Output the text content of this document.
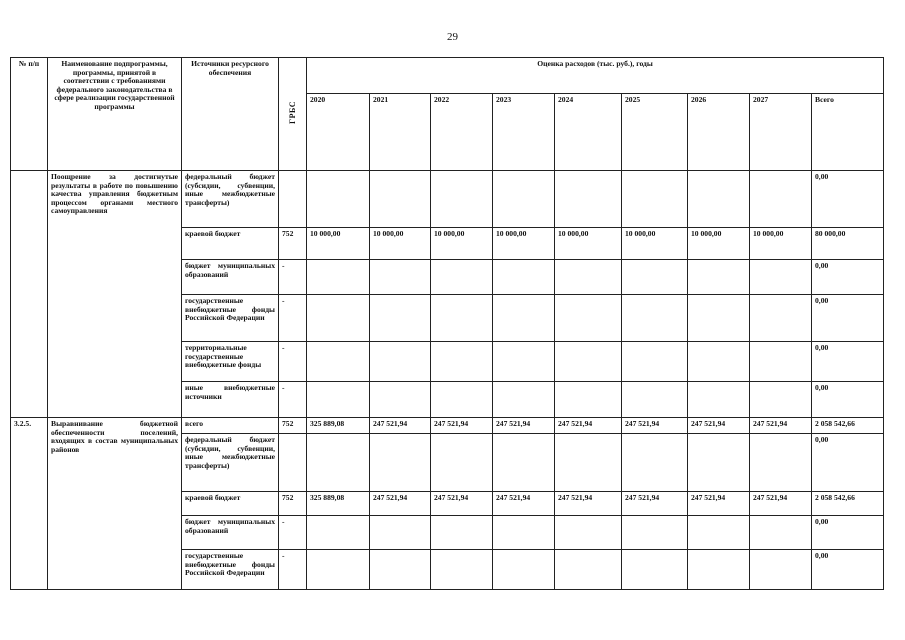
29
№ п/п	Наименование подпрограммы, программы, принятой в соответствии с требованиями федерального законодательства в сфере реализации государственной программы	Источники ресурсного обеспечения	ГРБС	Оценка расходов (тыс. руб.), годы								
				2020	2021	2022	2023	2024	2025	2026	2027	Всего
	Поощрение за достигнутые результаты в работе по повышению качества управления бюджетным процессом органами местного самоуправления	федеральный бюджет (субсидии, субвенции, иные межбюджетные трансферты)										0,00
		краевой бюджет	752	10 000,00	10 000,00	10 000,00	10 000,00	10 000,00	10 000,00	10 000,00	10 000,00	80 000,00
		бюджет муниципальных образований	-									0,00
		государственные внебюджетные фонды Российской Федерации	-									0,00
		территориальные государственные внебюджетные фонды	-									0,00
		иные внебюджетные источники	-									0,00
3.2.5.	Выравнивание бюджетной обеспеченности поселений, входящих в состав муниципальных районов	всего	752	325 889,08	247 521,94	247 521,94	247 521,94	247 521,94	247 521,94	247 521,94	247 521,94	2 058 542,66
		федеральный бюджет (субсидии, субвенции, иные межбюджетные трансферты)										0,00
		краевой бюджет	752	325 889,08	247 521,94	247 521,94	247 521,94	247 521,94	247 521,94	247 521,94	247 521,94	2 058 542,66
		бюджет муниципальных образований	-									0,00
		государственные внебюджетные фонды Российской Федерации	-									0,00
